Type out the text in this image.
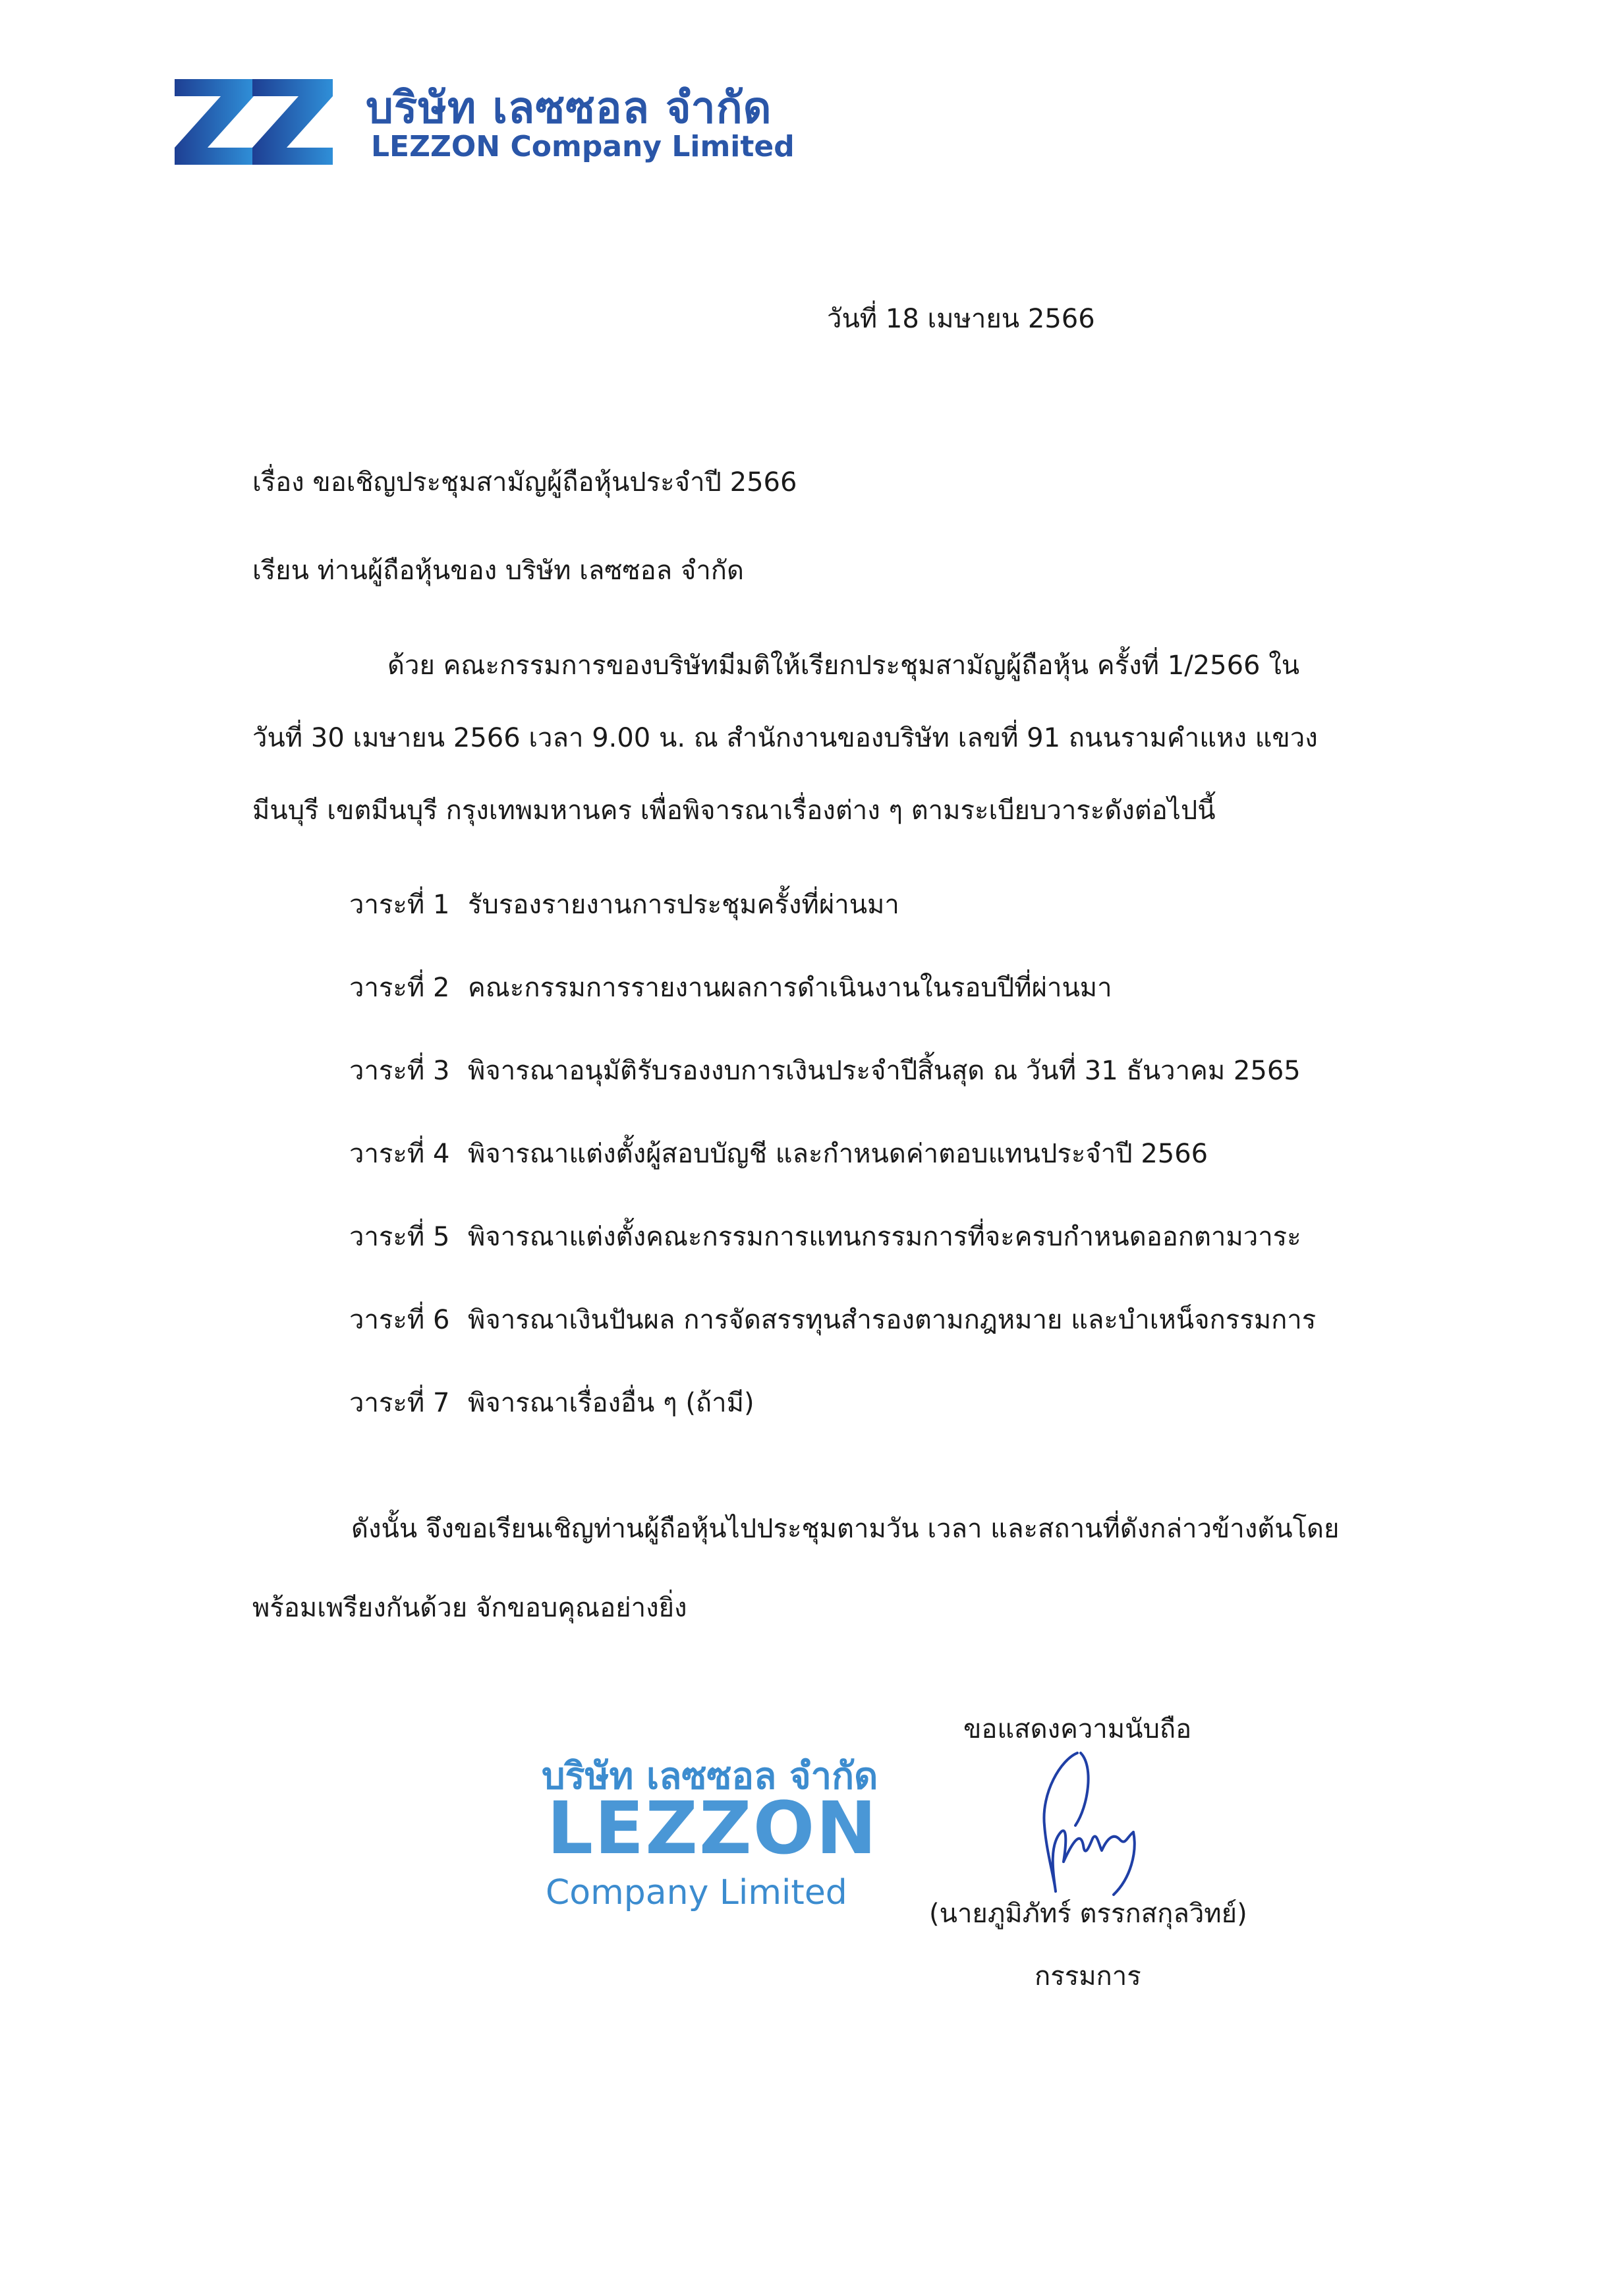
บริษัท เลซซอล จำกัด
LEZZON Company Limited
วันที่ 18 เมษายน 2566
เรื่อง ขอเชิญประชุมสามัญผู้ถือหุ้นประจำปี 2566
เรียน ท่านผู้ถือหุ้นของ บริษัท เลซซอล จำกัด
ด้วย คณะกรรมการของบริษัทมีมติให้เรียกประชุมสามัญผู้ถือหุ้น ครั้งที่ 1/2566 ใน
วันที่ 30 เมษายน 2566 เวลา 9.00 น. ณ สำนักงานของบริษัท เลขที่ 91 ถนนรามคำแหง แขวง
มีนบุรี เขตมีนบุรี กรุงเทพมหานคร เพื่อพิจารณาเรื่องต่าง ๆ ตามระเบียบวาระดังต่อไปนี้
วาระที่ 1 รับรองรายงานการประชุมครั้งที่ผ่านมา
วาระที่ 2 คณะกรรมการรายงานผลการดำเนินงานในรอบปีที่ผ่านมา
วาระที่ 3 พิจารณาอนุมัติรับรองงบการเงินประจำปีสิ้นสุด ณ วันที่ 31 ธันวาคม 2565
วาระที่ 4 พิจารณาแต่งตั้งผู้สอบบัญชี และกำหนดค่าตอบแทนประจำปี 2566
วาระที่ 5 พิจารณาแต่งตั้งคณะกรรมการแทนกรรมการที่จะครบกำหนดออกตามวาระ
วาระที่ 6 พิจารณาเงินปันผล การจัดสรรทุนสำรองตามกฎหมาย และบำเหน็จกรรมการ
วาระที่ 7 พิจารณาเรื่องอื่น ๆ (ถ้ามี)
ดังนั้น จึงขอเรียนเชิญท่านผู้ถือหุ้นไปประชุมตามวัน เวลา และสถานที่ดังกล่าวข้างต้นโดย
พร้อมเพรียงกันด้วย จักขอบคุณอย่างยิ่ง
ขอแสดงความนับถือ
(นายภูมิภัทร์ ตรรกสกุลวิทย์)
กรรมการ
บริษัท เลซซอล จำกัด
LEZZON
Company Limited
